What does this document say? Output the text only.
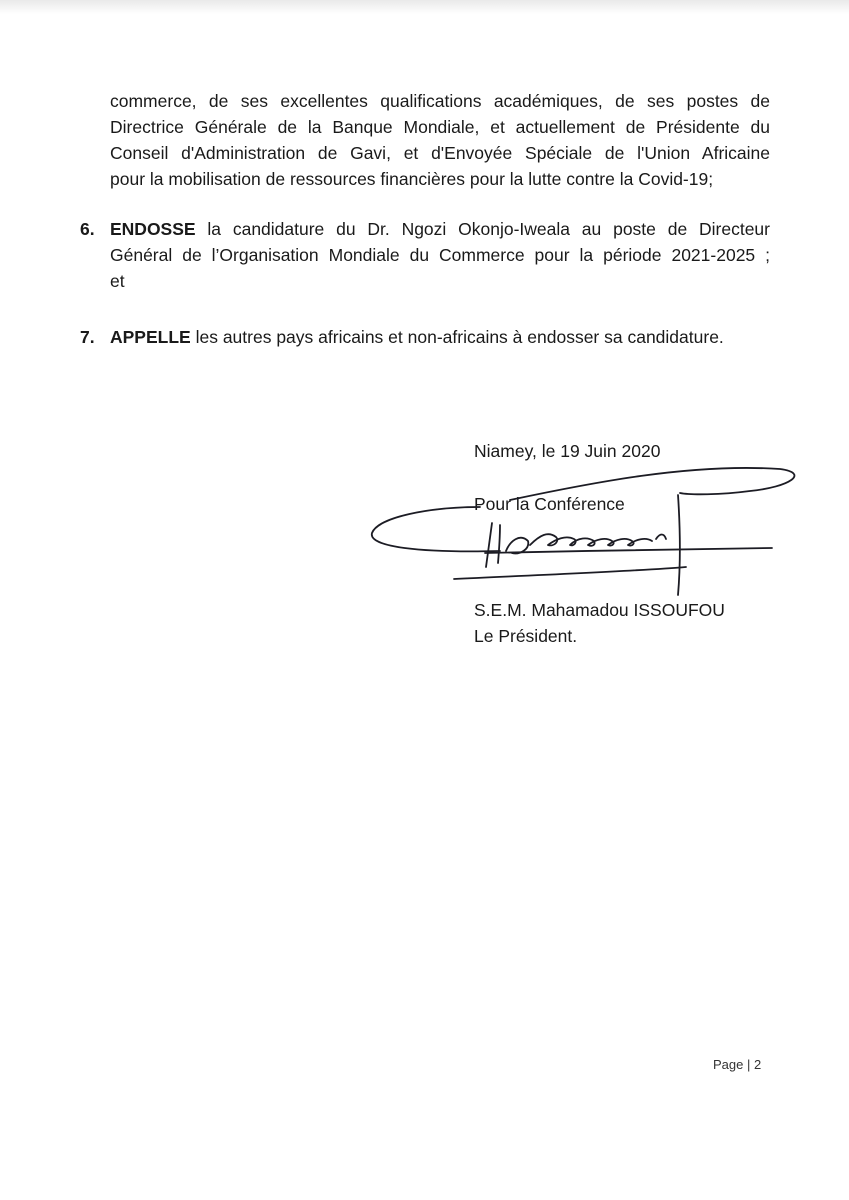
commerce, de ses excellentes qualifications académiques, de ses postes de
Directrice Générale de la Banque Mondiale, et actuellement de Présidente du
Conseil d'Administration de Gavi, et d'Envoyée Spéciale de l'Union Africaine
pour la mobilisation de ressources financières pour la lutte contre la Covid-19;
6. ENDOSSE la candidature du Dr. Ngozi Okonjo-Iweala au poste de Directeur
Général de l’Organisation Mondiale du Commerce pour la période 2021-2025 ;
et
7. APPELLE les autres pays africains et non-africains à endosser sa candidature.
Niamey, le 19 Juin 2020
Pour la Conférence
S.E.M. Mahamadou ISSOUFOU
Le Président.
Page | 2
